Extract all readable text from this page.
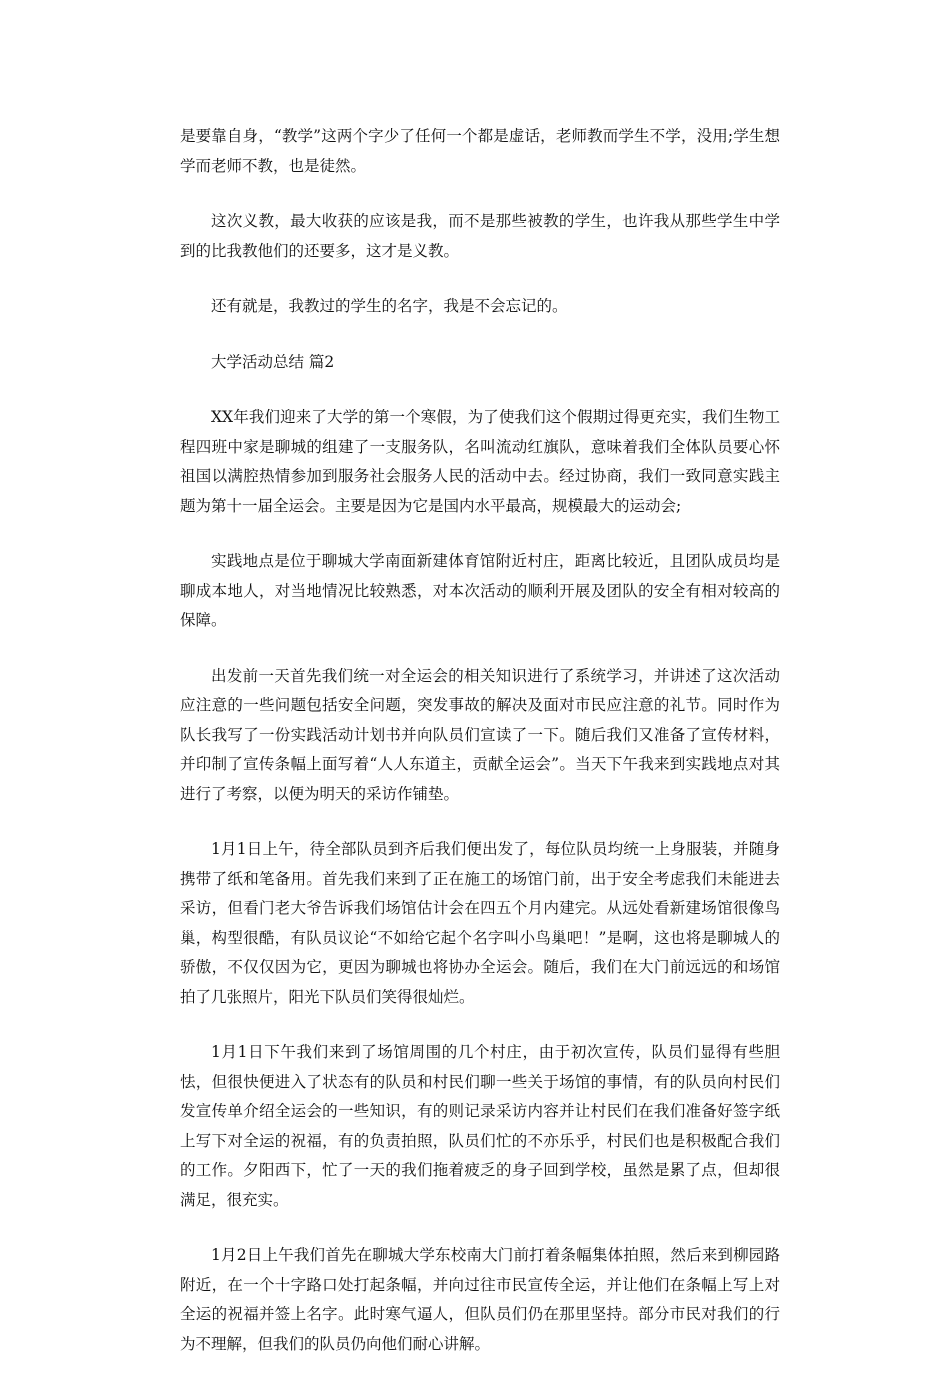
是要靠自身，“教学”这两个字少了任何一个都是虚话，老师教而学生不学，没用;学生想学而老师不教，也是徒然。

这次义教，最大收获的应该是我，而不是那些被教的学生，也许我从那些学生中学到的比我教他们的还要多，这才是义教。

还有就是，我教过的学生的名字，我是不会忘记的。

大学活动总结 篇2

XX年我们迎来了大学的第一个寒假，为了使我们这个假期过得更充实，我们生物工程四班中家是聊城的组建了一支服务队，名叫流动红旗队，意味着我们全体队员要心怀祖国以满腔热情参加到服务社会服务人民的活动中去。经过协商，我们一致同意实践主题为第十一届全运会。主要是因为它是国内水平最高，规模最大的运动会;

实践地点是位于聊城大学南面新建体育馆附近村庄，距离比较近，且团队成员均是聊成本地人，对当地情况比较熟悉，对本次活动的顺利开展及团队的安全有相对较高的保障。

出发前一天首先我们统一对全运会的相关知识进行了系统学习，并讲述了这次活动应注意的一些问题包括安全问题，突发事故的解决及面对市民应注意的礼节。同时作为队长我写了一份实践活动计划书并向队员们宣读了一下。随后我们又准备了宣传材料，并印制了宣传条幅上面写着“人人东道主，贡献全运会”。当天下午我来到实践地点对其进行了考察，以便为明天的采访作铺垫。

1月1日上午，待全部队员到齐后我们便出发了，每位队员均统一上身服装，并随身携带了纸和笔备用。首先我们来到了正在施工的场馆门前，出于安全考虑我们未能进去采访，但看门老大爷告诉我们场馆估计会在四五个月内建完。从远处看新建场馆很像鸟巢，构型很酷，有队员议论“不如给它起个名字叫小鸟巢吧！”是啊，这也将是聊城人的骄傲，不仅仅因为它，更因为聊城也将协办全运会。随后，我们在大门前远远的和场馆拍了几张照片，阳光下队员们笑得很灿烂。

1月1日下午我们来到了场馆周围的几个村庄，由于初次宣传，队员们显得有些胆怯，但很快便进入了状态有的队员和村民们聊一些关于场馆的事情，有的队员向村民们发宣传单介绍全运会的一些知识，有的则记录采访内容并让村民们在我们准备好签字纸上写下对全运的祝福，有的负责拍照，队员们忙的不亦乐乎，村民们也是积极配合我们的工作。夕阳西下，忙了一天的我们拖着疲乏的身子回到学校，虽然是累了点，但却很满足，很充实。

1月2日上午我们首先在聊城大学东校南大门前打着条幅集体拍照，然后来到柳园路附近，在一个十字路口处打起条幅，并向过往市民宣传全运，并让他们在条幅上写上对全运的祝福并签上名字。此时寒气逼人，但队员们仍在那里坚持。部分市民对我们的行为不理解，但我们的队员仍向他们耐心讲解。
